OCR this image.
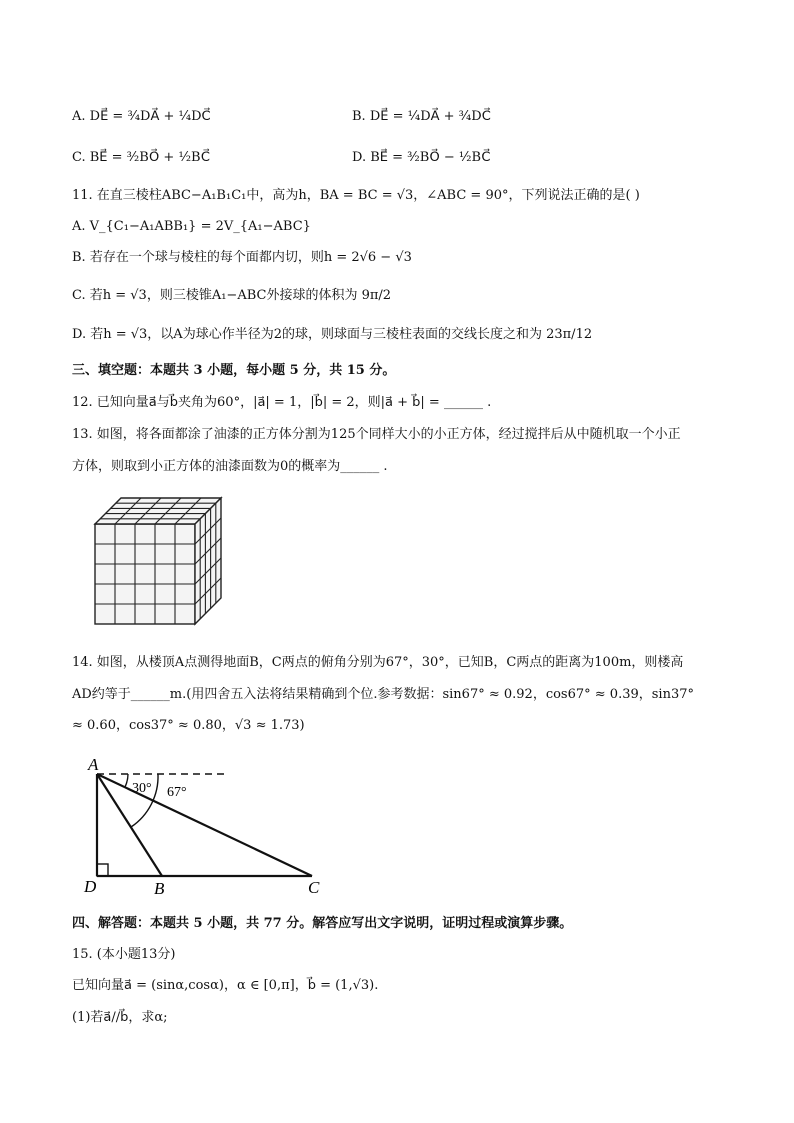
A. DE⃗ = ³⁄₄DA⃗ + ¹⁄₄DC⃗	B. DE⃗ = ¹⁄₄DA⃗ + ³⁄₄DC⃗
C. BE⃗ = ³⁄₂BO⃗ + ¹⁄₂BC⃗	D. BE⃗ = ³⁄₂BO⃗ − ¹⁄₂BC⃗
11. 在直三棱柱ABC−A₁B₁C₁中，高为h，BA = BC = √3，∠ABC = 90°，下列说法正确的是( )
A. V_{C₁−A₁ABB₁} = 2V_{A₁−ABC}
B. 若存在一个球与棱柱的每个面都内切，则h = 2√6 − √3
C. 若h = √3，则三棱锥A₁−ABC外接球的体积为 9π/2
D. 若h = √3，以A为球心作半径为2的球，则球面与三棱柱表面的交线长度之和为 23π/12
三、填空题：本题共 3 小题，每小题 5 分，共 15 分。
12. 已知向量a⃗与b⃗夹角为60°，|a⃗| = 1，|b⃗| = 2，则|a⃗ + b⃗| = ______ .
13. 如图，将各面都涂了油漆的正方体分割为125个同样大小的小正方体，经过搅拌后从中随机取一个小正
方体，则取到小正方体的油漆面数为0的概率为______ .
14. 如图，从楼顶A点测得地面B，C两点的俯角分别为67°，30°，已知B，C两点的距离为100m，则楼高
AD约等于______m.(用四舍五入法将结果精确到个位.参考数据：sin67° ≈ 0.92，cos67° ≈ 0.39，sin37°
≈ 0.60，cos37° ≈ 0.80，√3 ≈ 1.73)
A
D	B	C
30° 67°
四、解答题：本题共 5 小题，共 77 分。解答应写出文字说明，证明过程或演算步骤。
15. (本小题13分)
已知向量a⃗ = (sinα,cosα)，α ∈ [0,π]，b⃗ = (1,√3).
(1)若a⃗//b⃗，求α;
